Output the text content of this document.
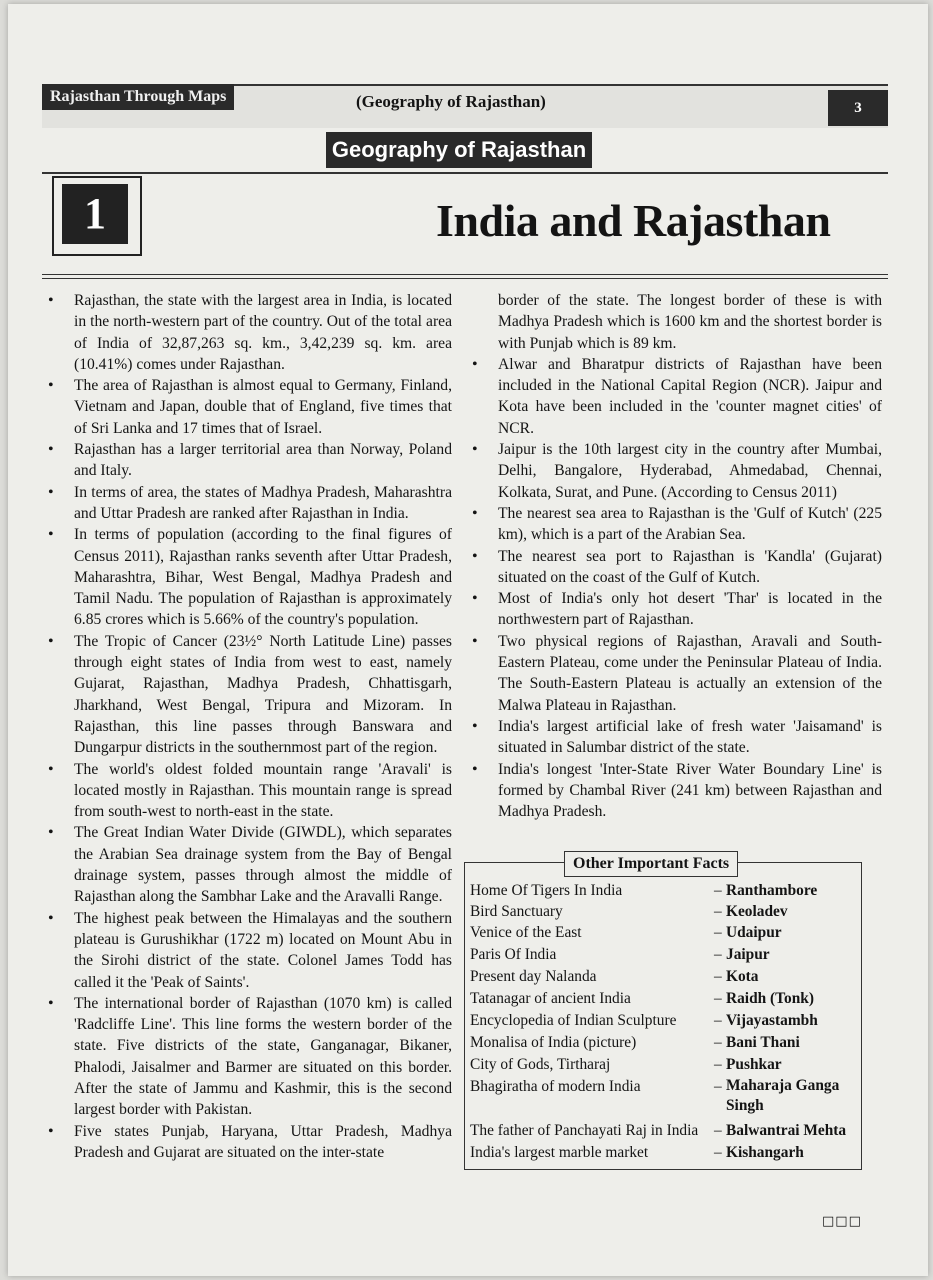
Rajasthan Through Maps	(Geography of Rajasthan)	3
Geography of Rajasthan
1	India and Rajasthan

• Rajasthan, the state with the largest area in India, is located in the north-western part of the country. Out of the total area of India of 32,87,263 sq. km., 3,42,239 sq. km. area (10.41%) comes under Rajasthan.

• The area of Rajasthan is almost equal to Germany, Finland, Vietnam and Japan, double that of England, five times that of Sri Lanka and 17 times that of Israel.

• Rajasthan has a larger territorial area than Norway, Poland and Italy.

• In terms of area, the states of Madhya Pradesh, Maharashtra and Uttar Pradesh are ranked after Rajasthan in India.

• In terms of population (according to the final figures of Census 2011), Rajasthan ranks seventh after Uttar Pradesh, Maharashtra, Bihar, West Bengal, Madhya Pradesh and Tamil Nadu. The population of Rajasthan is approximately 6.85 crores which is 5.66% of the country's population.

• The Tropic of Cancer (23½° North Latitude Line) passes through eight states of India from west to east, namely Gujarat, Rajasthan, Madhya Pradesh, Chhattisgarh, Jharkhand, West Bengal, Tripura and Mizoram. In Rajasthan, this line passes through Banswara and Dungarpur districts in the southernmost part of the region.

• The world's oldest folded mountain range 'Aravali' is located mostly in Rajasthan. This mountain range is spread from south-west to north-east in the state.

• The Great Indian Water Divide (GIWDL), which separates the Arabian Sea drainage system from the Bay of Bengal drainage system, passes through almost the middle of Rajasthan along the Sambhar Lake and the Aravalli Range.

• The highest peak between the Himalayas and the southern plateau is Gurushikhar (1722 m) located on Mount Abu in the Sirohi district of the state. Colonel James Todd has called it the 'Peak of Saints'.

• The international border of Rajasthan (1070 km) is called 'Radcliffe Line'. This line forms the western border of the state. Five districts of the state, Ganganagar, Bikaner, Phalodi, Jaisalmer and Barmer are situated on this border. After the state of Jammu and Kashmir, this is the second largest border with Pakistan.

• Five states Punjab, Haryana, Uttar Pradesh, Madhya Pradesh and Gujarat are situated on the inter-state

border of the state. The longest border of these is with Madhya Pradesh which is 1600 km and the shortest border is with Punjab which is 89 km.

• Alwar and Bharatpur districts of Rajasthan have been included in the National Capital Region (NCR). Jaipur and Kota have been included in the 'counter magnet cities' of NCR.

• Jaipur is the 10th largest city in the country after Mumbai, Delhi, Bangalore, Hyderabad, Ahmedabad, Chennai, Kolkata, Surat, and Pune. (According to Census 2011)

• The nearest sea area to Rajasthan is the 'Gulf of Kutch' (225 km), which is a part of the Arabian Sea.

• The nearest sea port to Rajasthan is 'Kandla' (Gujarat) situated on the coast of the Gulf of Kutch.

• Most of India's only hot desert 'Thar' is located in the northwestern part of Rajasthan.

• Two physical regions of Rajasthan, Aravali and South-Eastern Plateau, come under the Peninsular Plateau of India. The South-Eastern Plateau is actually an extension of the Malwa Plateau in Rajasthan.

• India's largest artificial lake of fresh water 'Jaisamand' is situated in Salumbar district of the state.

• India's longest 'Inter-State River Water Boundary Line' is formed by Chambal River (241 km) between Rajasthan and Madhya Pradesh.

Other Important Facts
Home Of Tigers In India	– Ranthambore
Bird Sanctuary	– Keoladev
Venice of the East	– Udaipur
Paris Of India	– Jaipur
Present day Nalanda	– Kota
Tatanagar of ancient India	– Raidh (Tonk)
Encyclopedia of Indian Sculpture – Vijayastambh
Monalisa of India (picture)	– Bani Thani
City of Gods, Tirtharaj	– Pushkar
Bhagiratha of modern India	– Maharaja Ganga Singh
The father of Panchayati Raj in India – Balwantrai Mehta
India's largest marble market	– Kishangarh
□□□
